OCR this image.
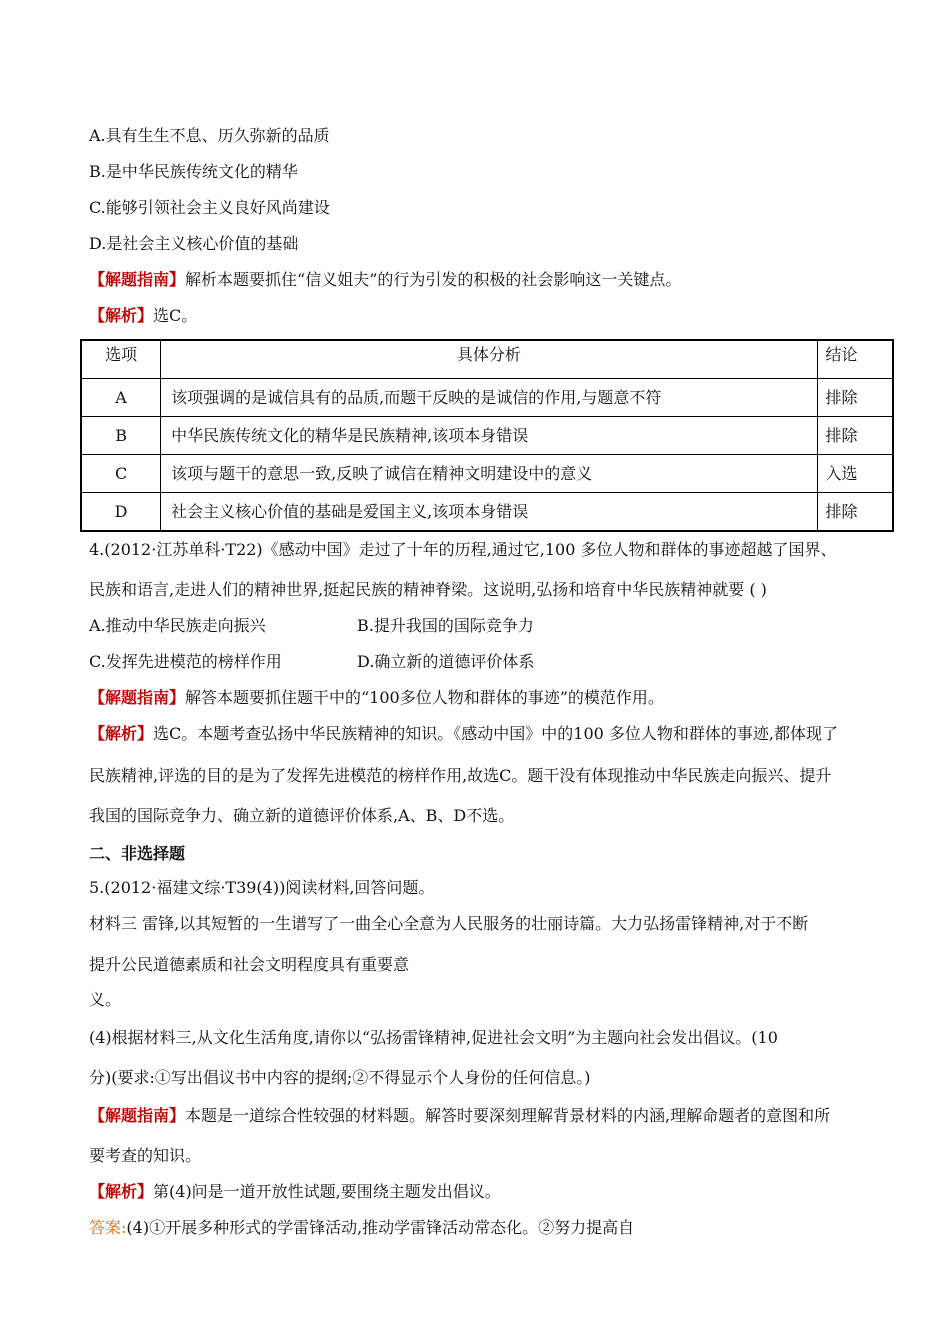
A.具有生生不息、历久弥新的品质
B.是中华民族传统文化的精华
C.能够引领社会主义良好风尚建设
D.是社会主义核心价值的基础
【解题指南】解析本题要抓住“信义姐夫”的行为引发的积极的社会影响这一关键点。
【解析】选C。
选项	具体分析	结论
A	该项强调的是诚信具有的品质,而题干反映的是诚信的作用,与题意不符	排除
B	中华民族传统文化的精华是民族精神,该项本身错误	排除
C	该项与题干的意思一致,反映了诚信在精神文明建设中的意义	入选
D	社会主义核心价值的基础是爱国主义,该项本身错误	排除
4.(2012·江苏单科·T22)《感动中国》走过了十年的历程,通过它,100 多位人物和群体的事迹超越了国界、
民族和语言,走进人们的精神世界,挺起民族的精神脊梁。这说明,弘扬和培育中华民族精神就要 ( )
A.推动中华民族走向振兴	B.提升我国的国际竞争力
C.发挥先进模范的榜样作用	D.确立新的道德评价体系
【解题指南】解答本题要抓住题干中的“100多位人物和群体的事迹”的模范作用。
【解析】选C。本题考查弘扬中华民族精神的知识。《感动中国》中的100 多位人物和群体的事迹,都体现了
民族精神,评选的目的是为了发挥先进模范的榜样作用,故选C。题干没有体现推动中华民族走向振兴、提升
我国的国际竞争力、确立新的道德评价体系,A、B、D不选。
二、非选择题
5.(2012·福建文综·T39(4))阅读材料,回答问题。
材料三 雷锋,以其短暂的一生谱写了一曲全心全意为人民服务的壮丽诗篇。大力弘扬雷锋精神,对于不断
提升公民道德素质和社会文明程度具有重要意
义。
(4)根据材料三,从文化生活角度,请你以“弘扬雷锋精神,促进社会文明”为主题向社会发出倡议。(10
分)(要求:①写出倡议书中内容的提纲;②不得显示个人身份的任何信息。)
【解题指南】本题是一道综合性较强的材料题。解答时要深刻理解背景材料的内涵,理解命题者的意图和所
要考查的知识。
【解析】第(4)问是一道开放性试题,要围绕主题发出倡议。
答案:(4)①开展多种形式的学雷锋活动,推动学雷锋活动常态化。②努力提高自
